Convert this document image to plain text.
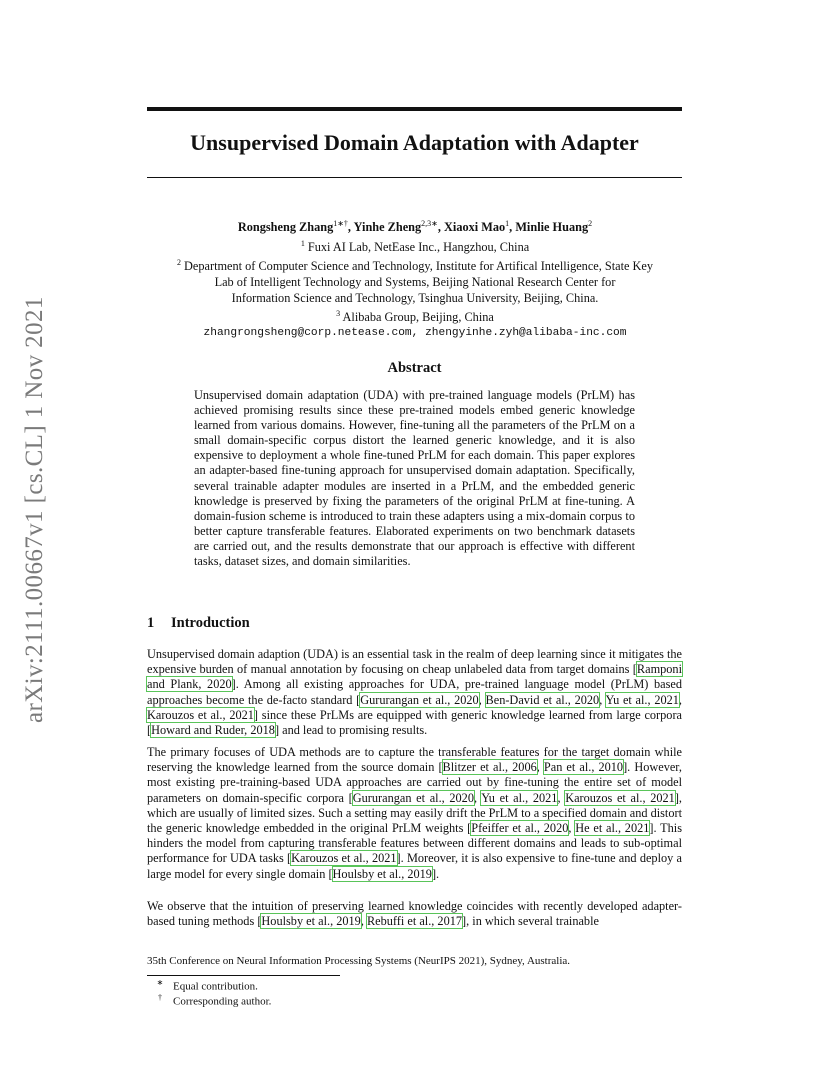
arXiv:2111.00667v1 [cs.CL] 1 Nov 2021
Unsupervised Domain Adaptation with Adapter
Rongsheng Zhang$^{1∗\dagger}$, Yinhe Zheng$^{2,3∗}$, Xiaoxi Mao$^1$, Minlie Huang$^2$
$^1$ Fuxi AI Lab, NetEase Inc., Hangzhou, China
$^2$ Department of Computer Science and Technology, Institute for Artifical Intelligence, State Key
Lab of Intelligent Technology and Systems, Beijing National Research Center for
Information Science and Technology, Tsinghua University, Beijing, China.
$^3$ Alibaba Group, Beijing, China
zhangrongsheng@corp.netease.com, zhengyinhe.zyh@alibaba-inc.com
Abstract
Unsupervised domain adaptation (UDA) with pre-trained language models (PrLM) has achieved promising results since these pre-trained models embed generic knowledge learned from various domains. However, fine-tuning all the parameters of the PrLM on a small domain-specific corpus distort the learned generic knowledge, and it is also expensive to deployment a whole fine-tuned PrLM for each domain. This paper explores an adapter-based fine-tuning approach for unsupervised domain adaptation. Specifically, several trainable adapter modules are inserted in a PrLM, and the embedded generic knowledge is preserved by fixing the parameters of the original PrLM at fine-tuning. A domain-fusion scheme is introduced to train these adapters using a mix-domain corpus to better capture transferable features. Elaborated experiments on two benchmark datasets are carried out, and the results demonstrate that our approach is effective with different tasks, dataset sizes, and domain similarities.
1 Introduction
Unsupervised domain adaption (UDA) is an essential task in the realm of deep learning since it mitigates the expensive burden of manual annotation by focusing on cheap unlabeled data from target domains [Ramponi and Plank, 2020]. Among all existing approaches for UDA, pre-trained language model (PrLM) based approaches become the de-facto standard [Gururangan et al., 2020, Ben-David et al., 2020, Yu et al., 2021, Karouzos et al., 2021] since these PrLMs are equipped with generic knowledge learned from large corpora [Howard and Ruder, 2018] and lead to promising results.
The primary focuses of UDA methods are to capture the transferable features for the target domain while reserving the knowledge learned from the source domain [Blitzer et al., 2006, Pan et al., 2010]. However, most existing pre-training-based UDA approaches are carried out by fine-tuning the entire set of model parameters on domain-specific corpora [Gururangan et al., 2020, Yu et al., 2021, Karouzos et al., 2021], which are usually of limited sizes. Such a setting may easily drift the PrLM to a specified domain and distort the generic knowledge embedded in the original PrLM weights [Pfeiffer et al., 2020, He et al., 2021]. This hinders the model from capturing transferable features between different domains and leads to sub-optimal performance for UDA tasks [Karouzos et al., 2021]. Moreover, it is also expensive to fine-tune and deploy a large model for every single domain [Houlsby et al., 2019].
We observe that the intuition of preserving learned knowledge coincides with recently developed adapter-based tuning methods [Houlsby et al., 2019, Rebuffi et al., 2017], in which several trainable
35th Conference on Neural Information Processing Systems (NeurIPS 2021), Sydney, Australia.
∗ Equal contribution.
† Corresponding author.
